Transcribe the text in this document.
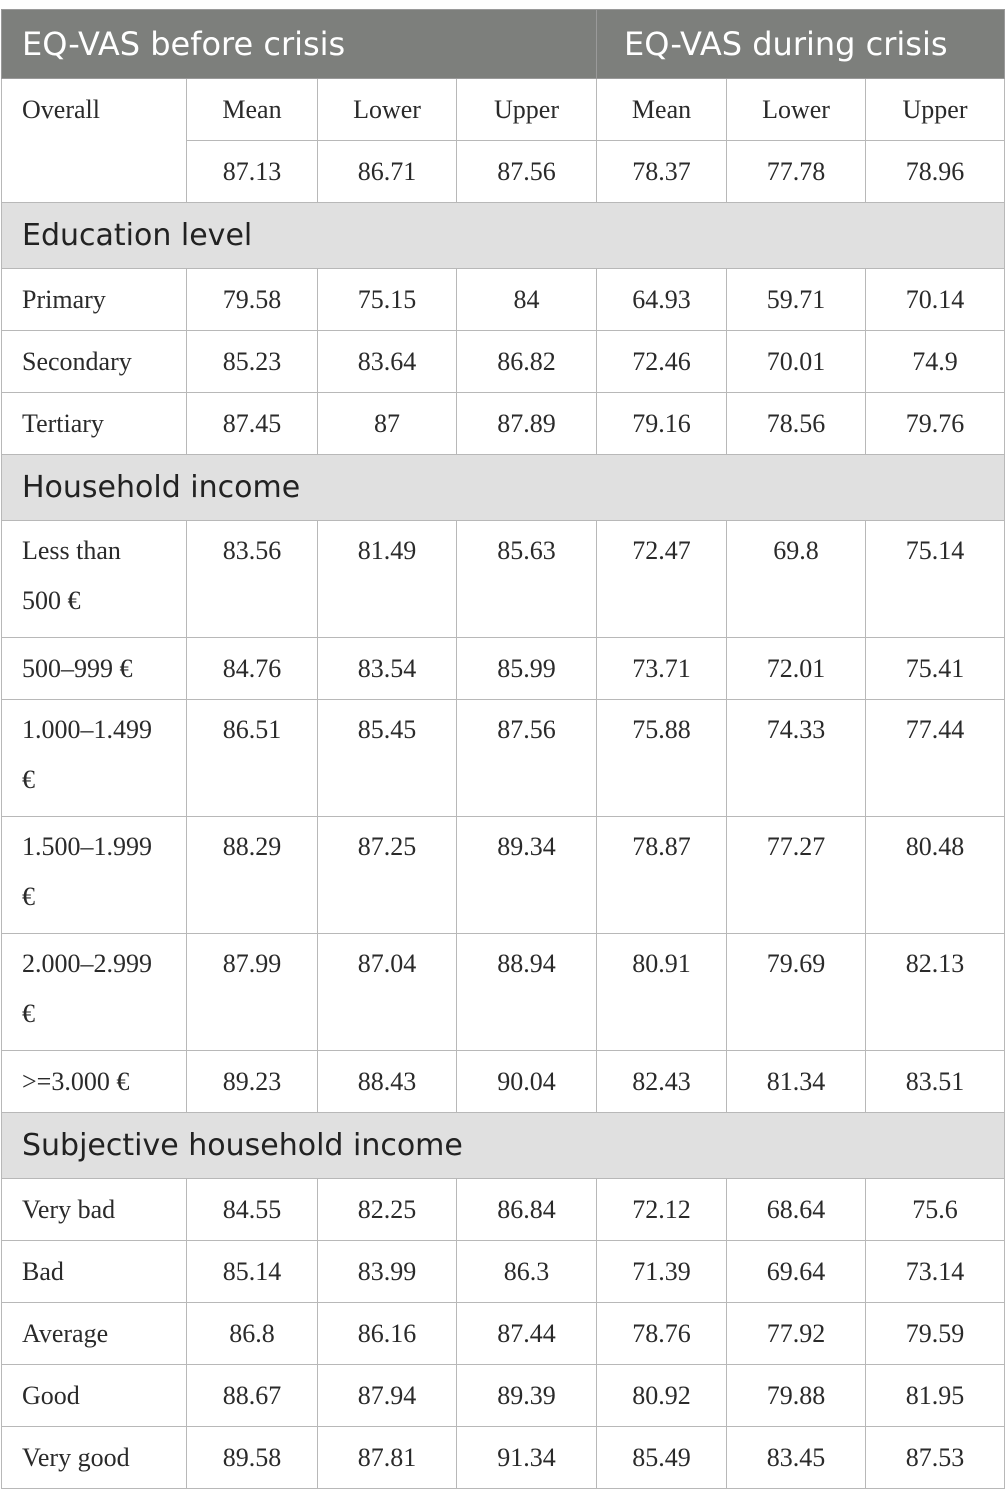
EQ-VAS before crisis				EQ-VAS during crisis		
Overall	Mean	Lower	Upper	Mean	Lower	Upper
	87.13	86.71	87.56	78.37	77.78	78.96
Education level						

Primary	79.58	75.15	84	64.93	59.71	70.14

Secondary	85.23	83.64	86.82	72.46	70.01	74.9

Tertiary	87.45	87	87.89	79.16	78.56	79.76
Household income						

Less than
500 €	83.56	81.49	85.63	72.47	69.8	75.14

500–999 €	84.76	83.54	85.99	73.71	72.01	75.41

1.000–1.499
€	86.51	85.45	87.56	75.88	74.33	77.44

1.500–1.999
€	88.29	87.25	89.34	78.87	77.27	80.48

2.000–2.999
€	87.99	87.04	88.94	80.91	79.69	82.13

>=3.000 €	89.23	88.43	90.04	82.43	81.34	83.51
Subjective household income						

Very bad	84.55	82.25	86.84	72.12	68.64	75.6

Bad	85.14	83.99	86.3	71.39	69.64	73.14

Average	86.8	86.16	87.44	78.76	77.92	79.59

Good	88.67	87.94	89.39	80.92	79.88	81.95

Very good	89.58	87.81	91.34	85.49	83.45	87.53
